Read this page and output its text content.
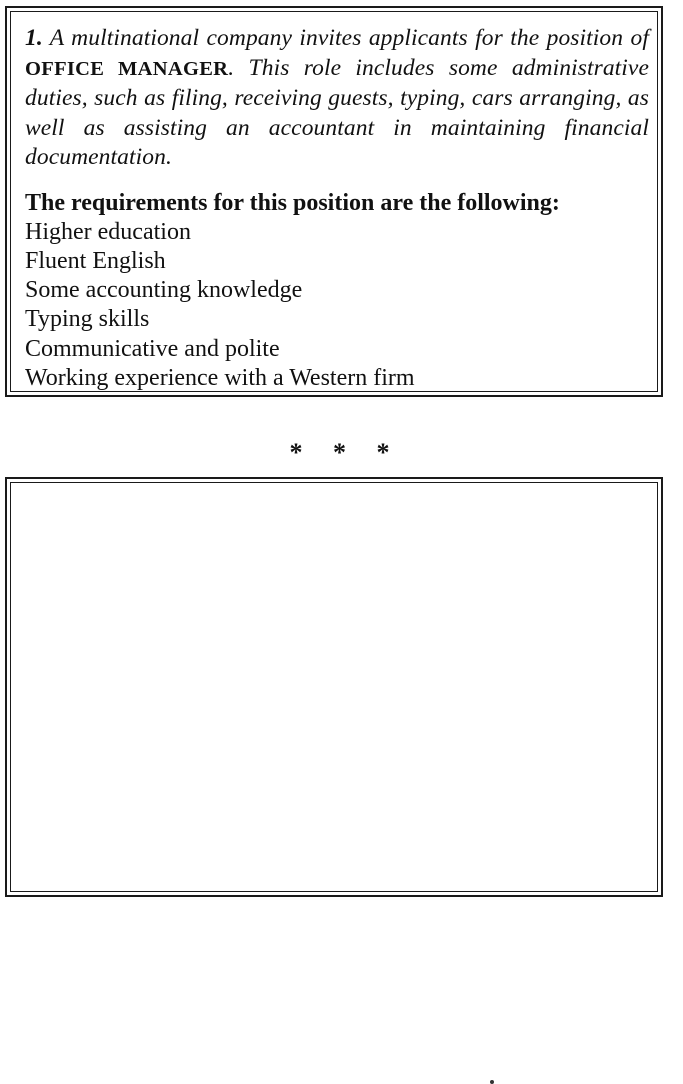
1. A multinational company invites applicants for the position of OFFICE MANAGER. This role includes some administrative duties, such as filing, receiving guests, typing, cars arranging, as well as assisting an accountant in maintaining financial documentation.

The requirements for this position are the following:
Higher education
Fluent English
Some accounting knowledge
Typing skills
Communicative and polite
Working experience with a Western firm
* * *
